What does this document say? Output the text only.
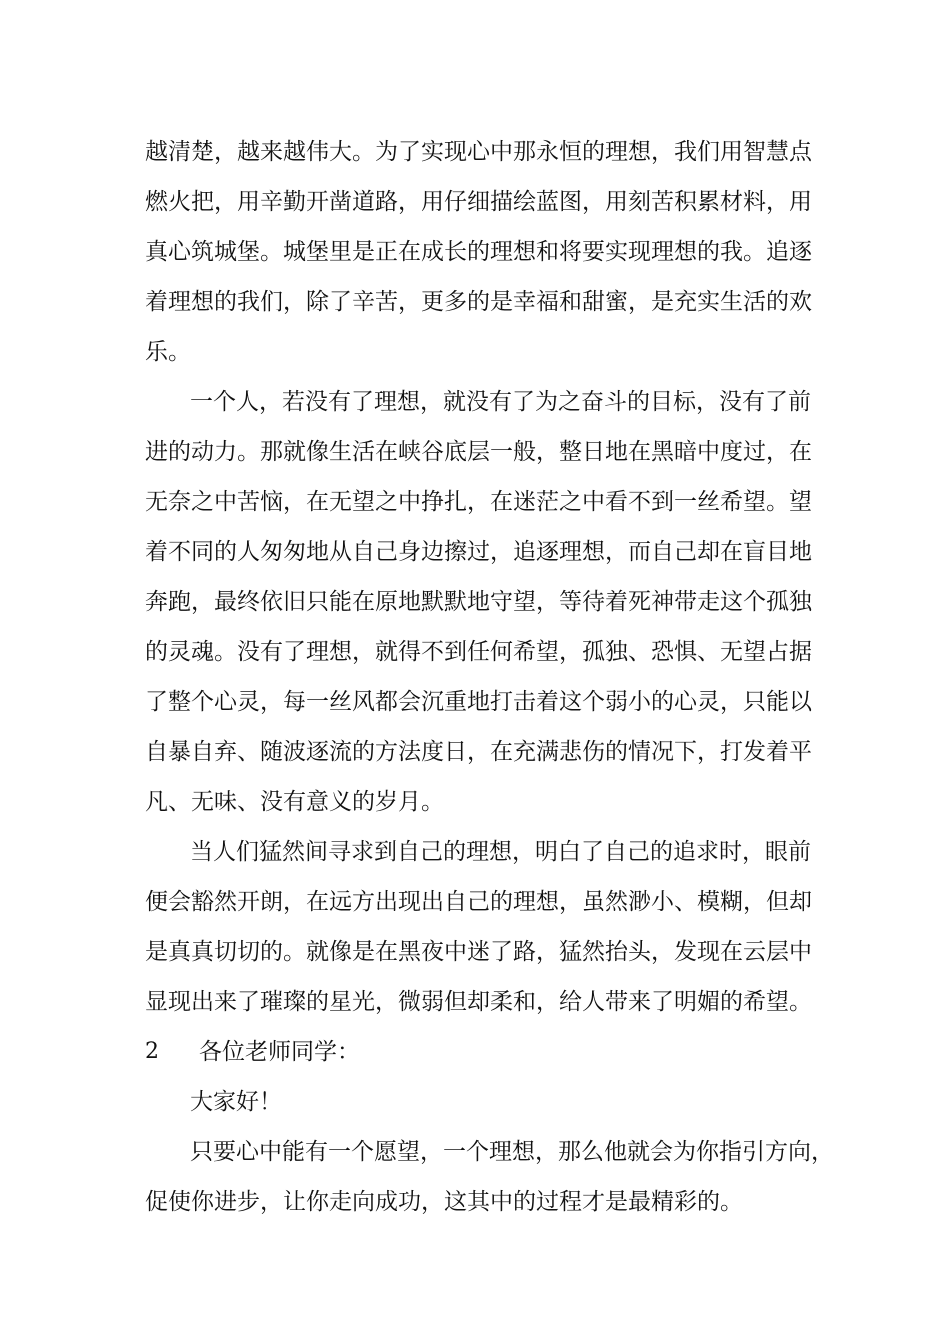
越清楚，越来越伟大。为了实现心中那永恒的理想，我们用智慧点
燃火把，用辛勤开凿道路，用仔细描绘蓝图，用刻苦积累材料，用
真心筑城堡。城堡里是正在成长的理想和将要实现理想的我。追逐
着理想的我们，除了辛苦，更多的是幸福和甜蜜，是充实生活的欢
乐。
一个人，若没有了理想，就没有了为之奋斗的目标，没有了前
进的动力。那就像生活在峡谷底层一般，整日地在黑暗中度过，在
无奈之中苦恼，在无望之中挣扎，在迷茫之中看不到一丝希望。望
着不同的人匆匆地从自己身边擦过，追逐理想，而自己却在盲目地
奔跑，最终依旧只能在原地默默地守望，等待着死神带走这个孤独
的灵魂。没有了理想，就得不到任何希望，孤独、恐惧、无望占据
了整个心灵，每一丝风都会沉重地打击着这个弱小的心灵，只能以
自暴自弃、随波逐流的方法度日，在充满悲伤的情况下，打发着平
凡、无味、没有意义的岁月。
当人们猛然间寻求到自己的理想，明白了自己的追求时，眼前
便会豁然开朗，在远方出现出自己的理想，虽然渺小、模糊，但却
是真真切切的。就像是在黑夜中迷了路，猛然抬头，发现在云层中
显现出来了璀璨的星光，微弱但却柔和，给人带来了明媚的希望。
2 各位老师同学：
大家好！
只要心中能有一个愿望，一个理想，那么他就会为你指引方向，
促使你进步，让你走向成功，这其中的过程才是最精彩的。
